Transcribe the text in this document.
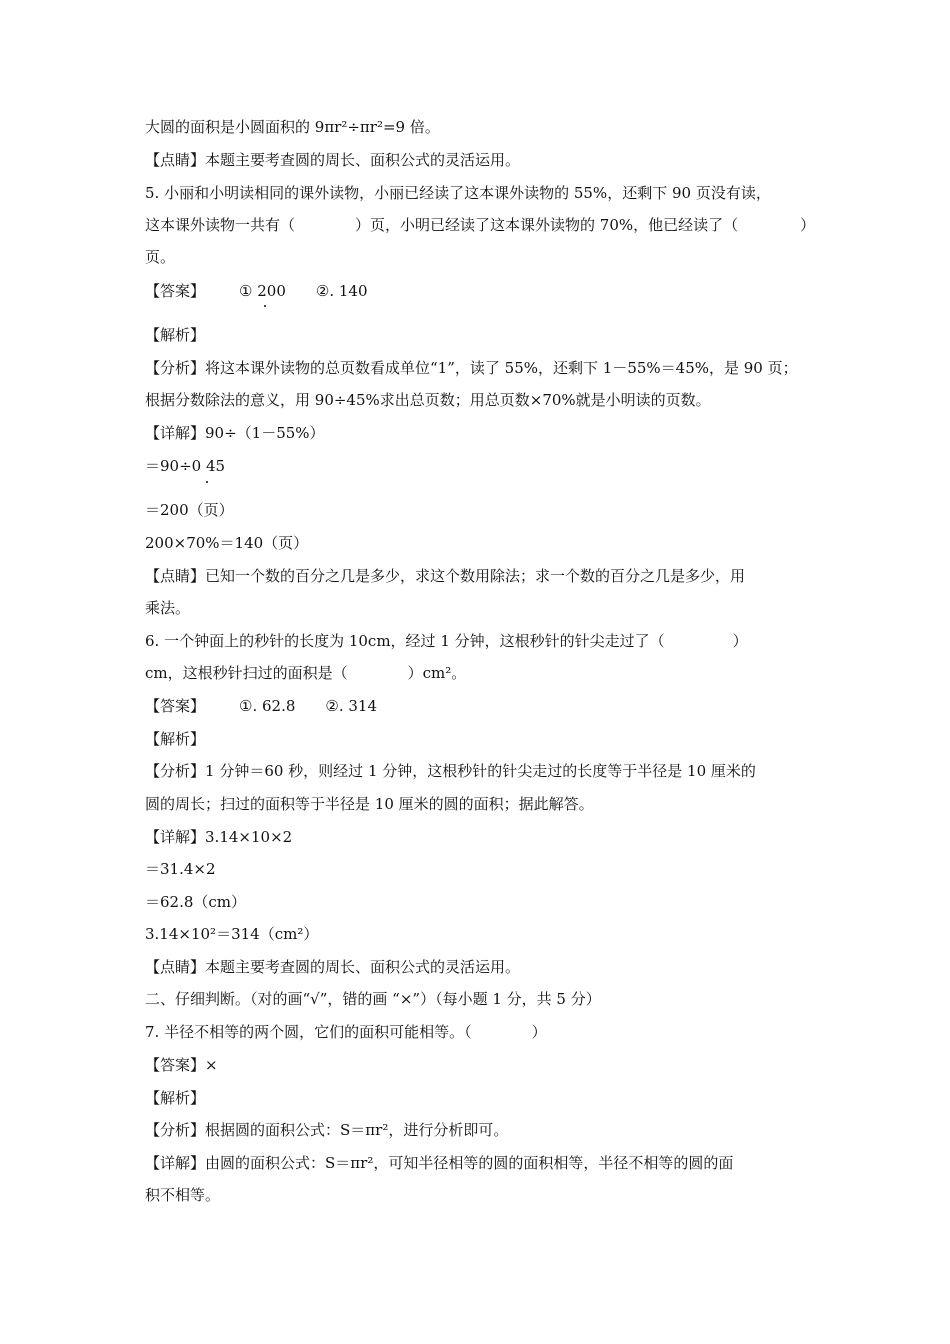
大圆的面积是小圆面积的 9πr²÷πr²=9 倍。
【点睛】本题主要考查圆的周长、面积公式的灵活运用。
5. 小丽和小明读相同的课外读物，小丽已经读了这本课外读物的 55%，还剩下 90 页没有读，
这本课外读物一共有（	）页，小明已经读了这本课外读物的 70%，他已经读了（	）
页。
【答案】 ① 200 ②. 140
【解析】
【分析】将这本课外读物的总页数看成单位“1”，读了 55%，还剩下 1－55%＝45%，是 90 页；
根据分数除法的意义，用 90÷45%求出总页数；用总页数×70%就是小明读的页数。
【详解】90÷（1－55%）
＝90÷0 45
＝200（页）
200×70%＝140（页）
【点睛】已知一个数的百分之几是多少，求这个数用除法；求一个数的百分之几是多少，用
乘法。
6. 一个钟面上的秒针的长度为 10cm，经过 1 分钟，这根秒针的针尖走过了（	）
cm，这根秒针扫过的面积是（	）cm²。
【答案】 ①. 62.8 ②. 314
【解析】
【分析】1 分钟＝60 秒，则经过 1 分钟，这根秒针的针尖走过的长度等于半径是 10 厘米的
圆的周长；扫过的面积等于半径是 10 厘米的圆的面积；据此解答。
【详解】3.14×10×2
＝31.4×2
＝62.8（cm）
3.14×10²＝314（cm²）
【点睛】本题主要考查圆的周长、面积公式的灵活运用。
二、仔细判断。（对的画“√”，错的画 “×”）（每小题 1 分，共 5 分）
7. 半径不相等的两个圆，它们的面积可能相等。（	）
【答案】×
【解析】
【分析】根据圆的面积公式：S＝πr²，进行分析即可。
【详解】由圆的面积公式：S＝πr²，可知半径相等的圆的面积相等，半径不相等的圆的面
积不相等。
